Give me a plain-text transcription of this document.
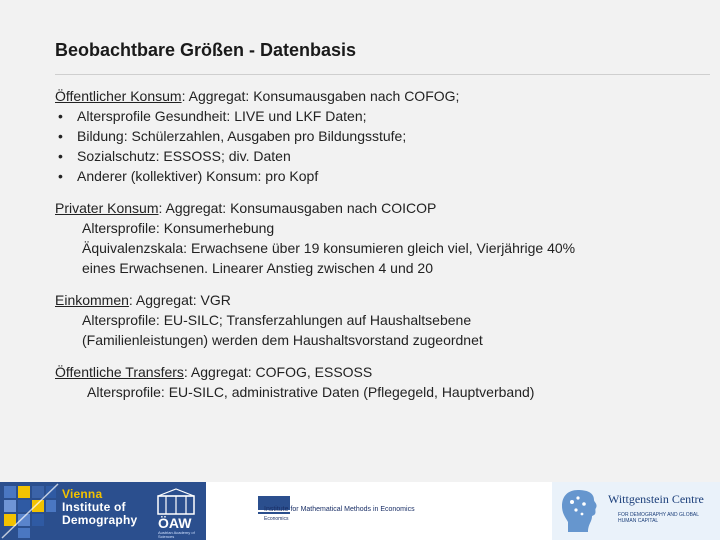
Beobachtbare Größen - Datenbasis
Öffentlicher Konsum: Aggregat: Konsumausgaben nach COFOG;
• Altersprofile Gesundheit: LIVE und LKF Daten;
• Bildung: Schülerzahlen, Ausgaben pro Bildungsstufe;
• Sozialschutz: ESSOSS; div. Daten
• Anderer (kollektiver) Konsum: pro Kopf
Privater Konsum: Aggregat: Konsumausgaben nach COICOP
Altersprofile: Konsumerhebung
Äquivalenzskala: Erwachsene über 19 konsumieren gleich viel, Vierjährige 40%
eines Erwachsenen. Linearer Anstieg zwischen 4 und 20
Einkommen: Aggregat: VGR
Altersprofile: EU-SILC; Transferzahlungen auf Haushaltsebene
(Familienleistungen) werden dem Haushaltsvorstand zugeordnet
Öffentliche Transfers: Aggregat: COFOG, ESSOSS
Altersprofile: EU-SILC, administrative Daten (Pflegegeld, Hauptverband)
Vienna
Institute of
Demography ÖAW
Austrian Academy of Sciences
Institute for Mathematical Methods in Economics
Economics
Wittgenstein Centre
FOR DEMOGRAPHY AND GLOBAL HUMAN CAPITAL
